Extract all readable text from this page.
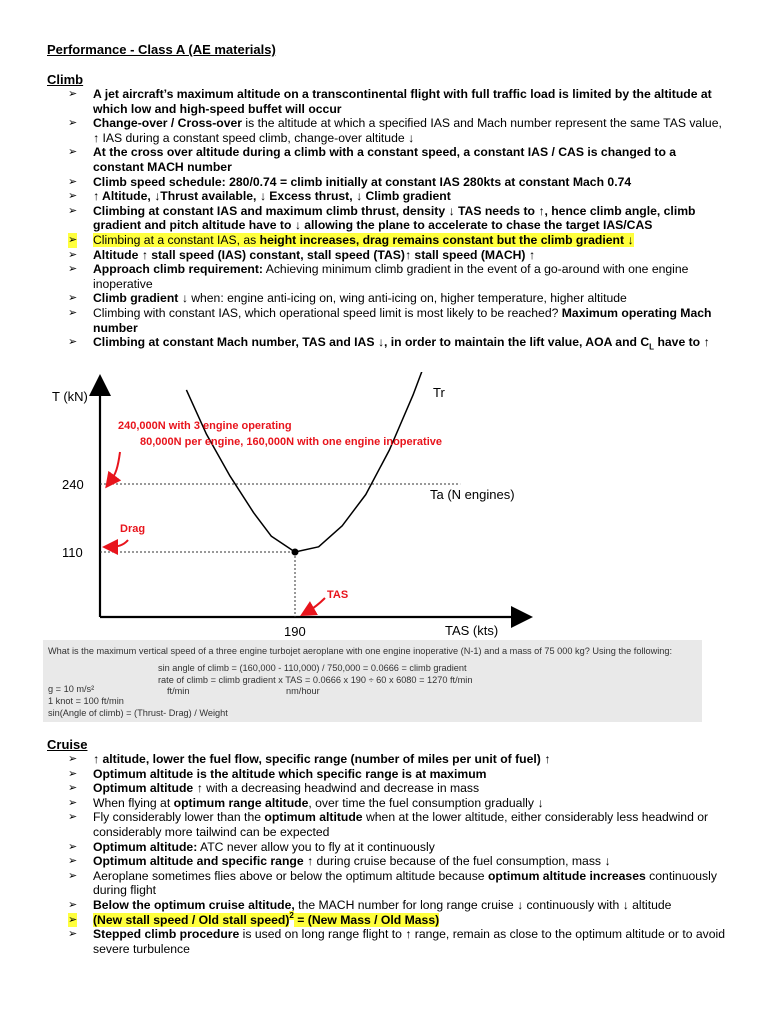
Performance - Class A (AE materials)
Climb
➢ A jet aircraft’s maximum altitude on a transcontinental flight with full traffic load is limited by the altitude at which low and high-speed buffet will occur
➢ Change-over / Cross-over is the altitude at which a specified IAS and Mach number represent the same TAS value, ↑ IAS during a constant speed climb, change-over altitude ↓
➢ At the cross over altitude during a climb with a constant speed, a constant IAS / CAS is changed to a constant MACH number
➢ Climb speed schedule: 280/0.74 = climb initially at constant IAS 280kts at constant Mach 0.74
➢ ↑ Altitude, ↓Thrust available, ↓ Excess thrust, ↓ Climb gradient
➢ Climbing at constant IAS and maximum climb thrust, density ↓ TAS needs to ↑, hence climb angle, climb gradient and pitch altitude have to ↓ allowing the plane to accelerate to chase the target IAS/CAS
➢ Climbing at a constant IAS, as height increases, drag remains constant but the climb gradient ↓
➢ Altitude ↑ stall speed (IAS) constant, stall speed (TAS)↑ stall speed (MACH) ↑
➢ Approach climb requirement: Achieving minimum climb gradient in the event of a go-around with one engine inoperative
➢ Climb gradient ↓ when: engine anti-icing on, wing anti-icing on, higher temperature, higher altitude
➢ Climbing with constant IAS, which operational speed limit is most likely to be reached? Maximum operating Mach number
➢ Climbing at constant Mach number, TAS and IAS ↓, in order to maintain the lift value, AOA and $C_L$ have to ↑
T (kN)
TAS (kts)
Ta (N engines)
Tr
240
110
190
240,000N with 3 engine operating
80,000N per engine, 160,000N with one engine inoperative
Drag
TAS
What is the maximum vertical speed of a three engine turbojet aeroplane with one engine inoperative (N-1) and a mass of 75 000 kg? Using the following:
sin angle of climb = (160,000 - 110,000) / 750,000 = 0.0666 = climb gradient
rate of climb = climb gradient x TAS = 0.0666 x 190 ÷ 60 x 6080 = 1270 ft/min
g = 10 m/s²	ft/min	nm/hour
1 knot = 100 ft/min
sin(Angle of climb) = (Thrust- Drag) / Weight
Cruise
➢ ↑ altitude, lower the fuel flow, specific range (number of miles per unit of fuel) ↑
➢ Optimum altitude is the altitude which specific range is at maximum
➢ Optimum altitude ↑ with a decreasing headwind and decrease in mass
➢ When flying at optimum range altitude, over time the fuel consumption gradually ↓
➢ Fly considerably lower than the optimum altitude when at the lower altitude, either considerably less headwind or considerably more tailwind can be expected
➢ Optimum altitude: ATC never allow you to fly at it continuously
➢ Optimum altitude and specific range ↑ during cruise because of the fuel consumption, mass ↓
➢ Aeroplane sometimes flies above or below the optimum altitude because optimum altitude increases continuously during flight
➢ Below the optimum cruise altitude, the MACH number for long range cruise ↓ continuously with ↓ altitude
➢ (New stall speed / Old stall speed)$^2$ = (New Mass / Old Mass)
➢ Stepped climb procedure is used on long range flight to ↑ range, remain as close to the optimum altitude or to avoid severe turbulence
